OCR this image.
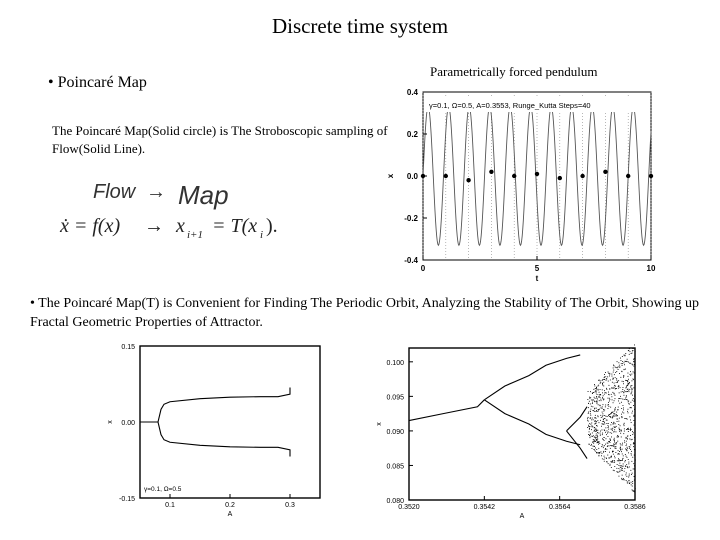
Discrete time system
• Poincaré Map
Parametrically forced pendulum
The Poincaré Map(Solid circle) is The Stroboscopic sampling of Flow(Solid Line).
Flow → Map
ẋ = f(x) → x i+1 = T(x i ).
-0.4
-0.2
0.0
0.2
0.4
0	5	10
t
x
γ=0.1, Ω=0.5, A=0.3553, Runge_Kutta Steps=40
• The Poincaré Map(T) is Convenient for Finding The Periodic Orbit, Analyzing the Stability of The Orbit, Showing up Fractal Geometric Properties of Attractor.
-0.15
0.00
0.15
0.1	0.2	0.3
A
x
γ=0.1, Ω=0.5
0.080
0.085
0.090
0.095
0.100
0.3520	0.3542	0.3564	0.3586
A
x
